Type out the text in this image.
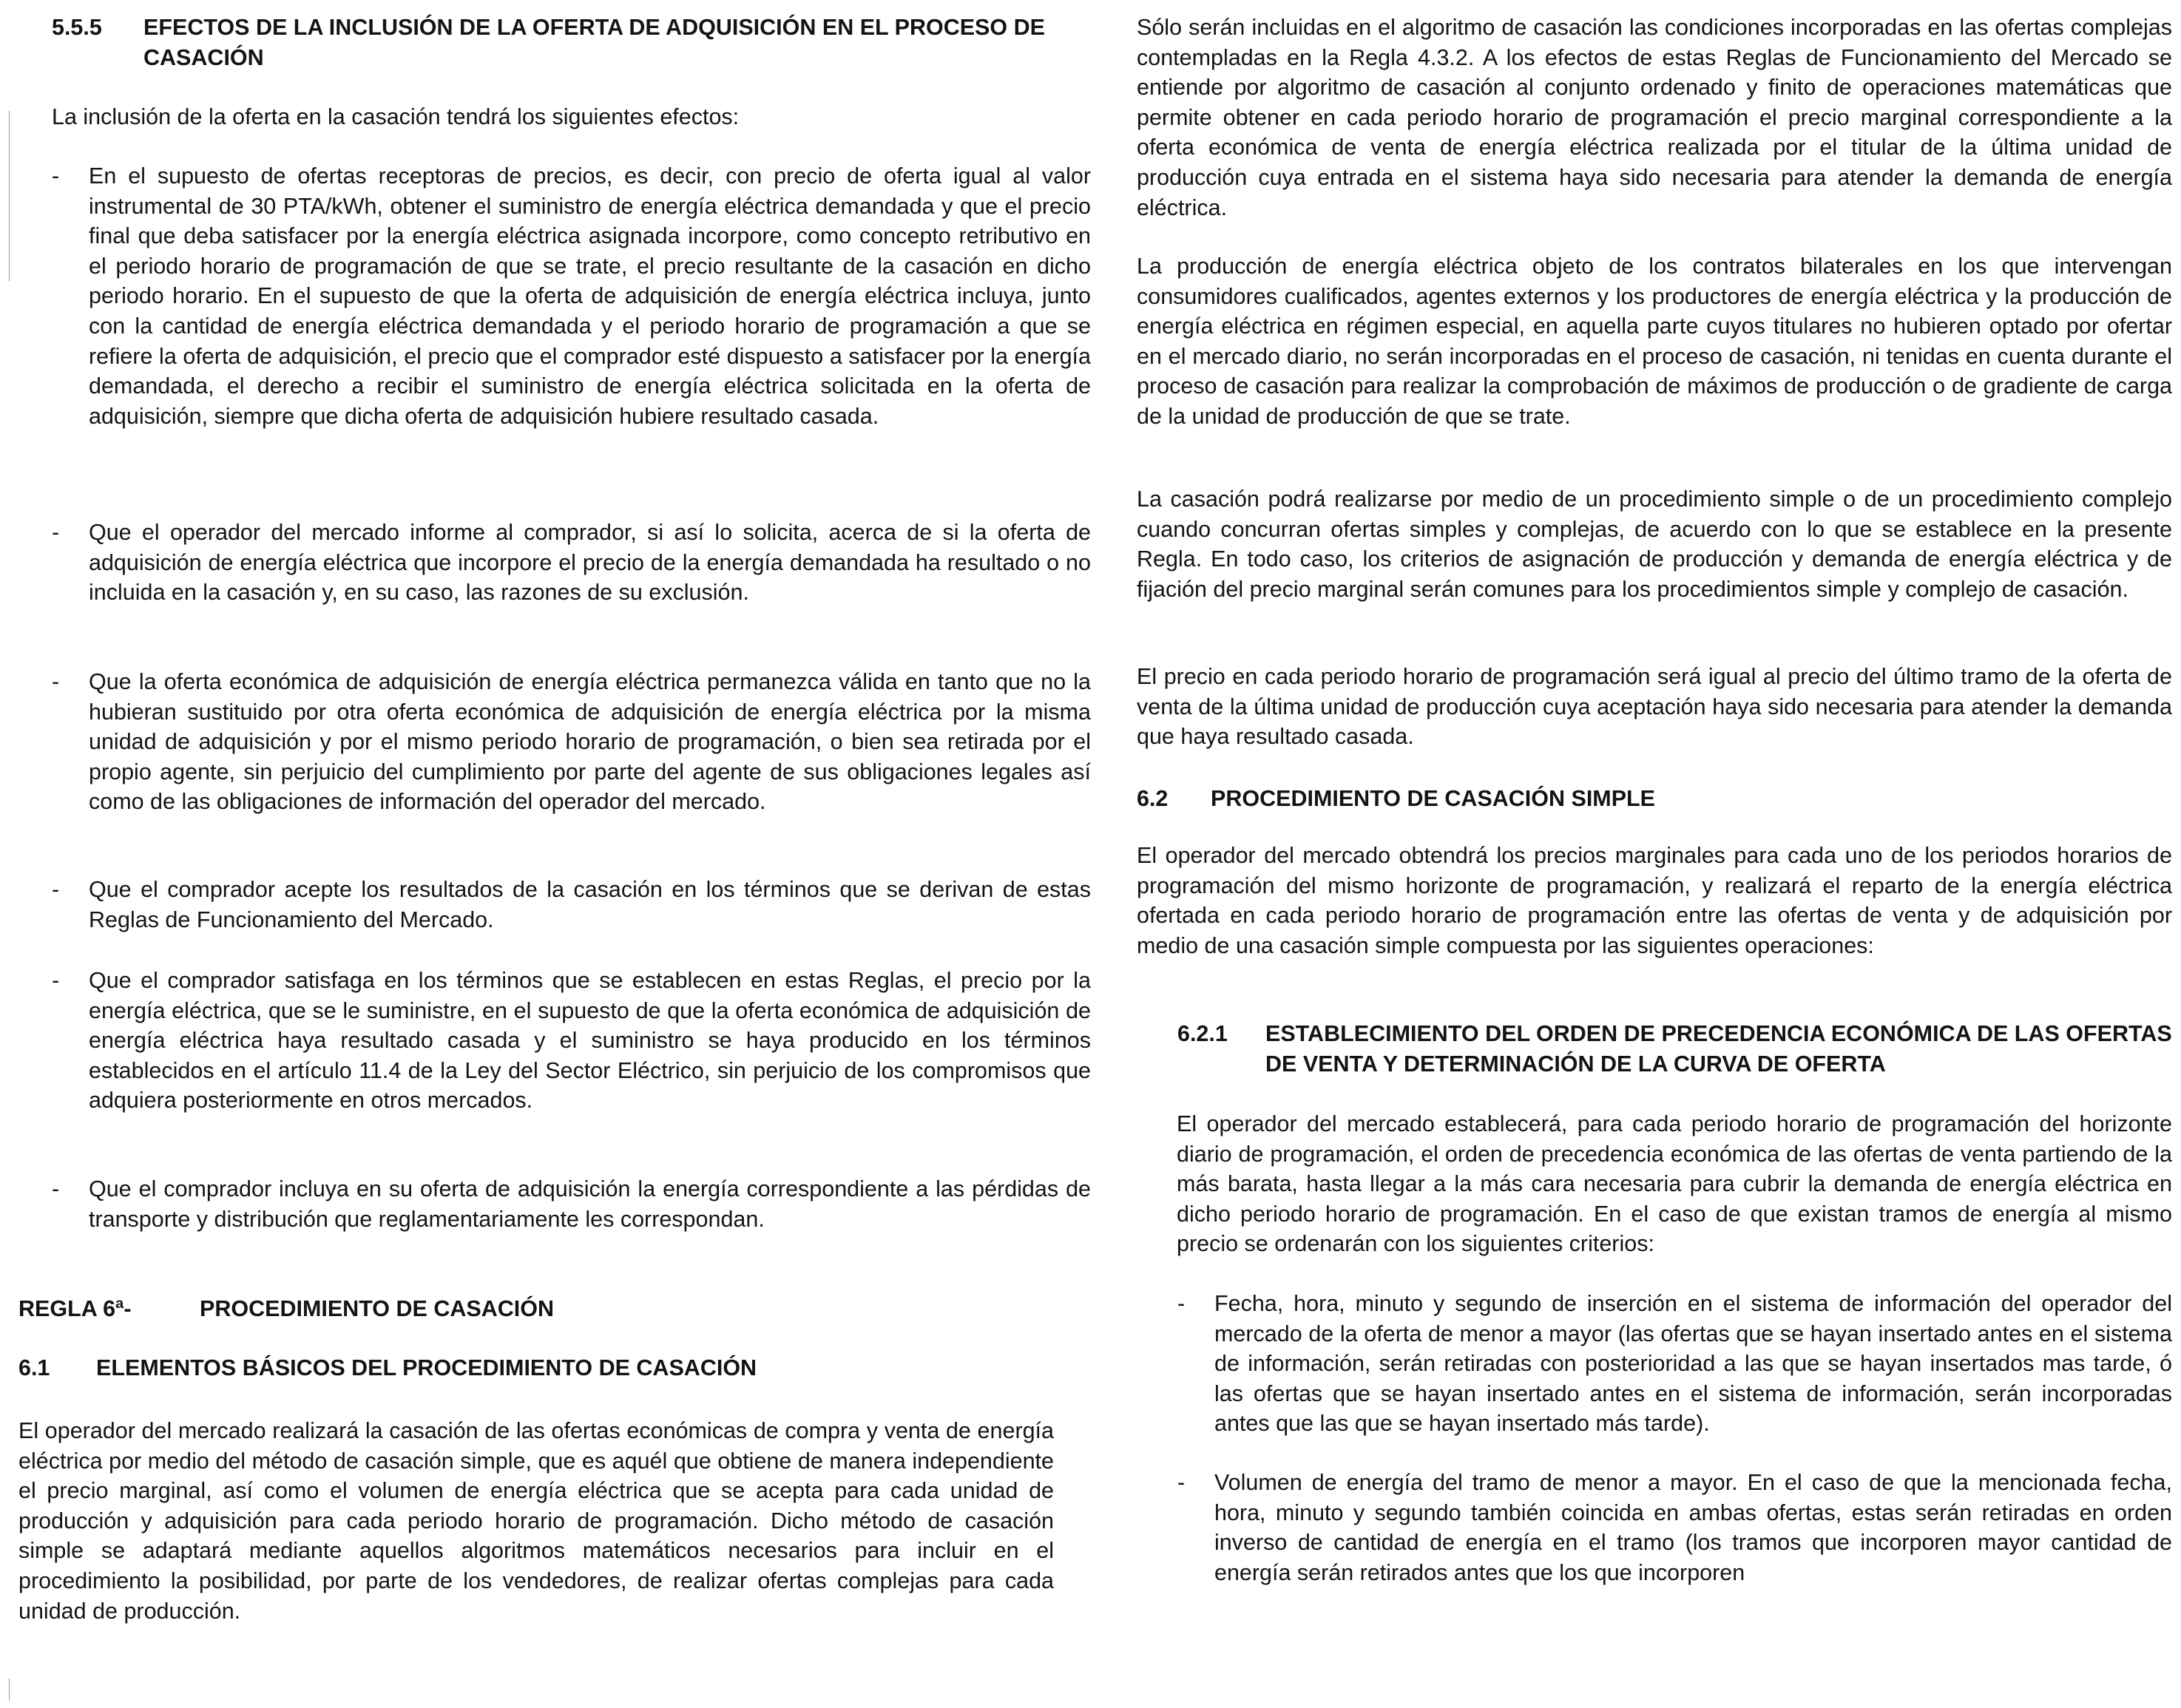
5.5.5	EFECTOS DE LA INCLUSIÓN DE LA OFERTA DE ADQUISICIÓN EN EL PROCESO DE CASACIÓN

La inclusión de la oferta en la casación tendrá los siguientes efectos:

- En el supuesto de ofertas receptoras de precios, es decir, con precio de oferta igual al valor instrumental de 30 PTA/kWh, obtener el suministro de energía eléctrica demandada y que el precio final que deba satisfacer por la energía eléctrica asignada incorpore, como concepto retributivo en el periodo horario de programación de que se trate, el precio resultante de la casación en dicho periodo horario. En el supuesto de que la oferta de adquisición de energía eléctrica incluya, junto con la cantidad de energía eléctrica demandada y el periodo horario de programación a que se refiere la oferta de adquisición, el precio que el comprador esté dispuesto a satisfacer por la energía demandada, el derecho a recibir el suministro de energía eléctrica solicitada en la oferta de adquisición, siempre que dicha oferta de adquisición hubiere resultado casada.
- Que el operador del mercado informe al comprador, si así lo solicita, acerca de si la oferta de adquisición de energía eléctrica que incorpore el precio de la energía demandada ha resultado o no incluida en la casación y, en su caso, las razones de su exclusión.
- Que la oferta económica de adquisición de energía eléctrica permanezca válida en tanto que no la hubieran sustituido por otra oferta económica de adquisición de energía eléctrica por la misma unidad de adquisición y por el mismo periodo horario de programación, o bien sea retirada por el propio agente, sin perjuicio del cumplimiento por parte del agente de sus obligaciones legales así como de las obligaciones de información del operador del mercado.
- Que el comprador acepte los resultados de la casación en los términos que se derivan de estas Reglas de Funcionamiento del Mercado.
- Que el comprador satisfaga en los términos que se establecen en estas Reglas, el precio por la energía eléctrica, que se le suministre, en el supuesto de que la oferta económica de adquisición de energía eléctrica haya resultado casada y el suministro se haya producido en los términos establecidos en el artículo 11.4 de la Ley del Sector Eléctrico, sin perjuicio de los compromisos que adquiera posteriormente en otros mercados.
- Que el comprador incluya en su oferta de adquisición la energía correspondiente a las pérdidas de transporte y distribución que reglamentariamente les correspondan.
REGLA 6ª-	PROCEDIMIENTO DE CASACIÓN
6.1	ELEMENTOS BÁSICOS DEL PROCEDIMIENTO DE CASACIÓN

El operador del mercado realizará la casación de las ofertas económicas de compra y venta de energía eléctrica por medio del método de casación simple, que es aquél que obtiene de manera independiente el precio marginal, así como el volumen de energía eléctrica que se acepta para cada unidad de producción y adquisición para cada periodo horario de programación. Dicho método de casación simple se adaptará mediante aquellos algoritmos matemáticos necesarios para incluir en el procedimiento la posibilidad, por parte de los vendedores, de realizar ofertas complejas para cada unidad de producción.

Sólo serán incluidas en el algoritmo de casación las condiciones incorporadas en las ofertas complejas contempladas en la Regla 4.3.2. A los efectos de estas Reglas de Funcionamiento del Mercado se entiende por algoritmo de casación al conjunto ordenado y finito de operaciones matemáticas que permite obtener en cada periodo horario de programación el precio marginal correspondiente a la oferta económica de venta de energía eléctrica realizada por el titular de la última unidad de producción cuya entrada en el sistema haya sido necesaria para atender la demanda de energía eléctrica.

La producción de energía eléctrica objeto de los contratos bilaterales en los que intervengan consumidores cualificados, agentes externos y los productores de energía eléctrica y la producción de energía eléctrica en régimen especial, en aquella parte cuyos titulares no hubieren optado por ofertar en el mercado diario, no serán incorporadas en el proceso de casación, ni tenidas en cuenta durante el proceso de casación para realizar la comprobación de máximos de producción o de gradiente de carga de la unidad de producción de que se trate.

La casación podrá realizarse por medio de un procedimiento simple o de un procedimiento complejo cuando concurran ofertas simples y complejas, de acuerdo con lo que se establece en la presente Regla. En todo caso, los criterios de asignación de producción y demanda de energía eléctrica y de fijación del precio marginal serán comunes para los procedimientos simple y complejo de casación.

El precio en cada periodo horario de programación será igual al precio del último tramo de la oferta de venta de la última unidad de producción cuya aceptación haya sido necesaria para atender la demanda que haya resultado casada.

6.2	PROCEDIMIENTO DE CASACIÓN SIMPLE

El operador del mercado obtendrá los precios marginales para cada uno de los periodos horarios de programación del mismo horizonte de programación, y realizará el reparto de la energía eléctrica ofertada en cada periodo horario de programación entre las ofertas de venta y de adquisición por medio de una casación simple compuesta por las siguientes operaciones:

6.2.1	ESTABLECIMIENTO DEL ORDEN DE PRECEDENCIA ECONÓMICA DE LAS OFERTAS DE VENTA Y DETERMINACIÓN DE LA CURVA DE OFERTA

El operador del mercado establecerá, para cada periodo horario de programación del horizonte diario de programación, el orden de precedencia económica de las ofertas de venta partiendo de la más barata, hasta llegar a la más cara necesaria para cubrir la demanda de energía eléctrica en dicho periodo horario de programación. En el caso de que existan tramos de energía al mismo precio se ordenarán con los siguientes criterios:

- Fecha, hora, minuto y segundo de inserción en el sistema de información del operador del mercado de la oferta de menor a mayor (las ofertas que se hayan insertado antes en el sistema de información, serán retiradas con posterioridad a las que se hayan insertados mas tarde, ó las ofertas que se hayan insertado antes en el sistema de información, serán incorporadas antes que las que se hayan insertado más tarde).
- Volumen de energía del tramo de menor a mayor. En el caso de que la mencionada fecha, hora, minuto y segundo también coincida en ambas ofertas, estas serán retiradas en orden inverso de cantidad de energía en el tramo (los tramos que incorporen mayor cantidad de energía serán retirados antes que los que incorporen
